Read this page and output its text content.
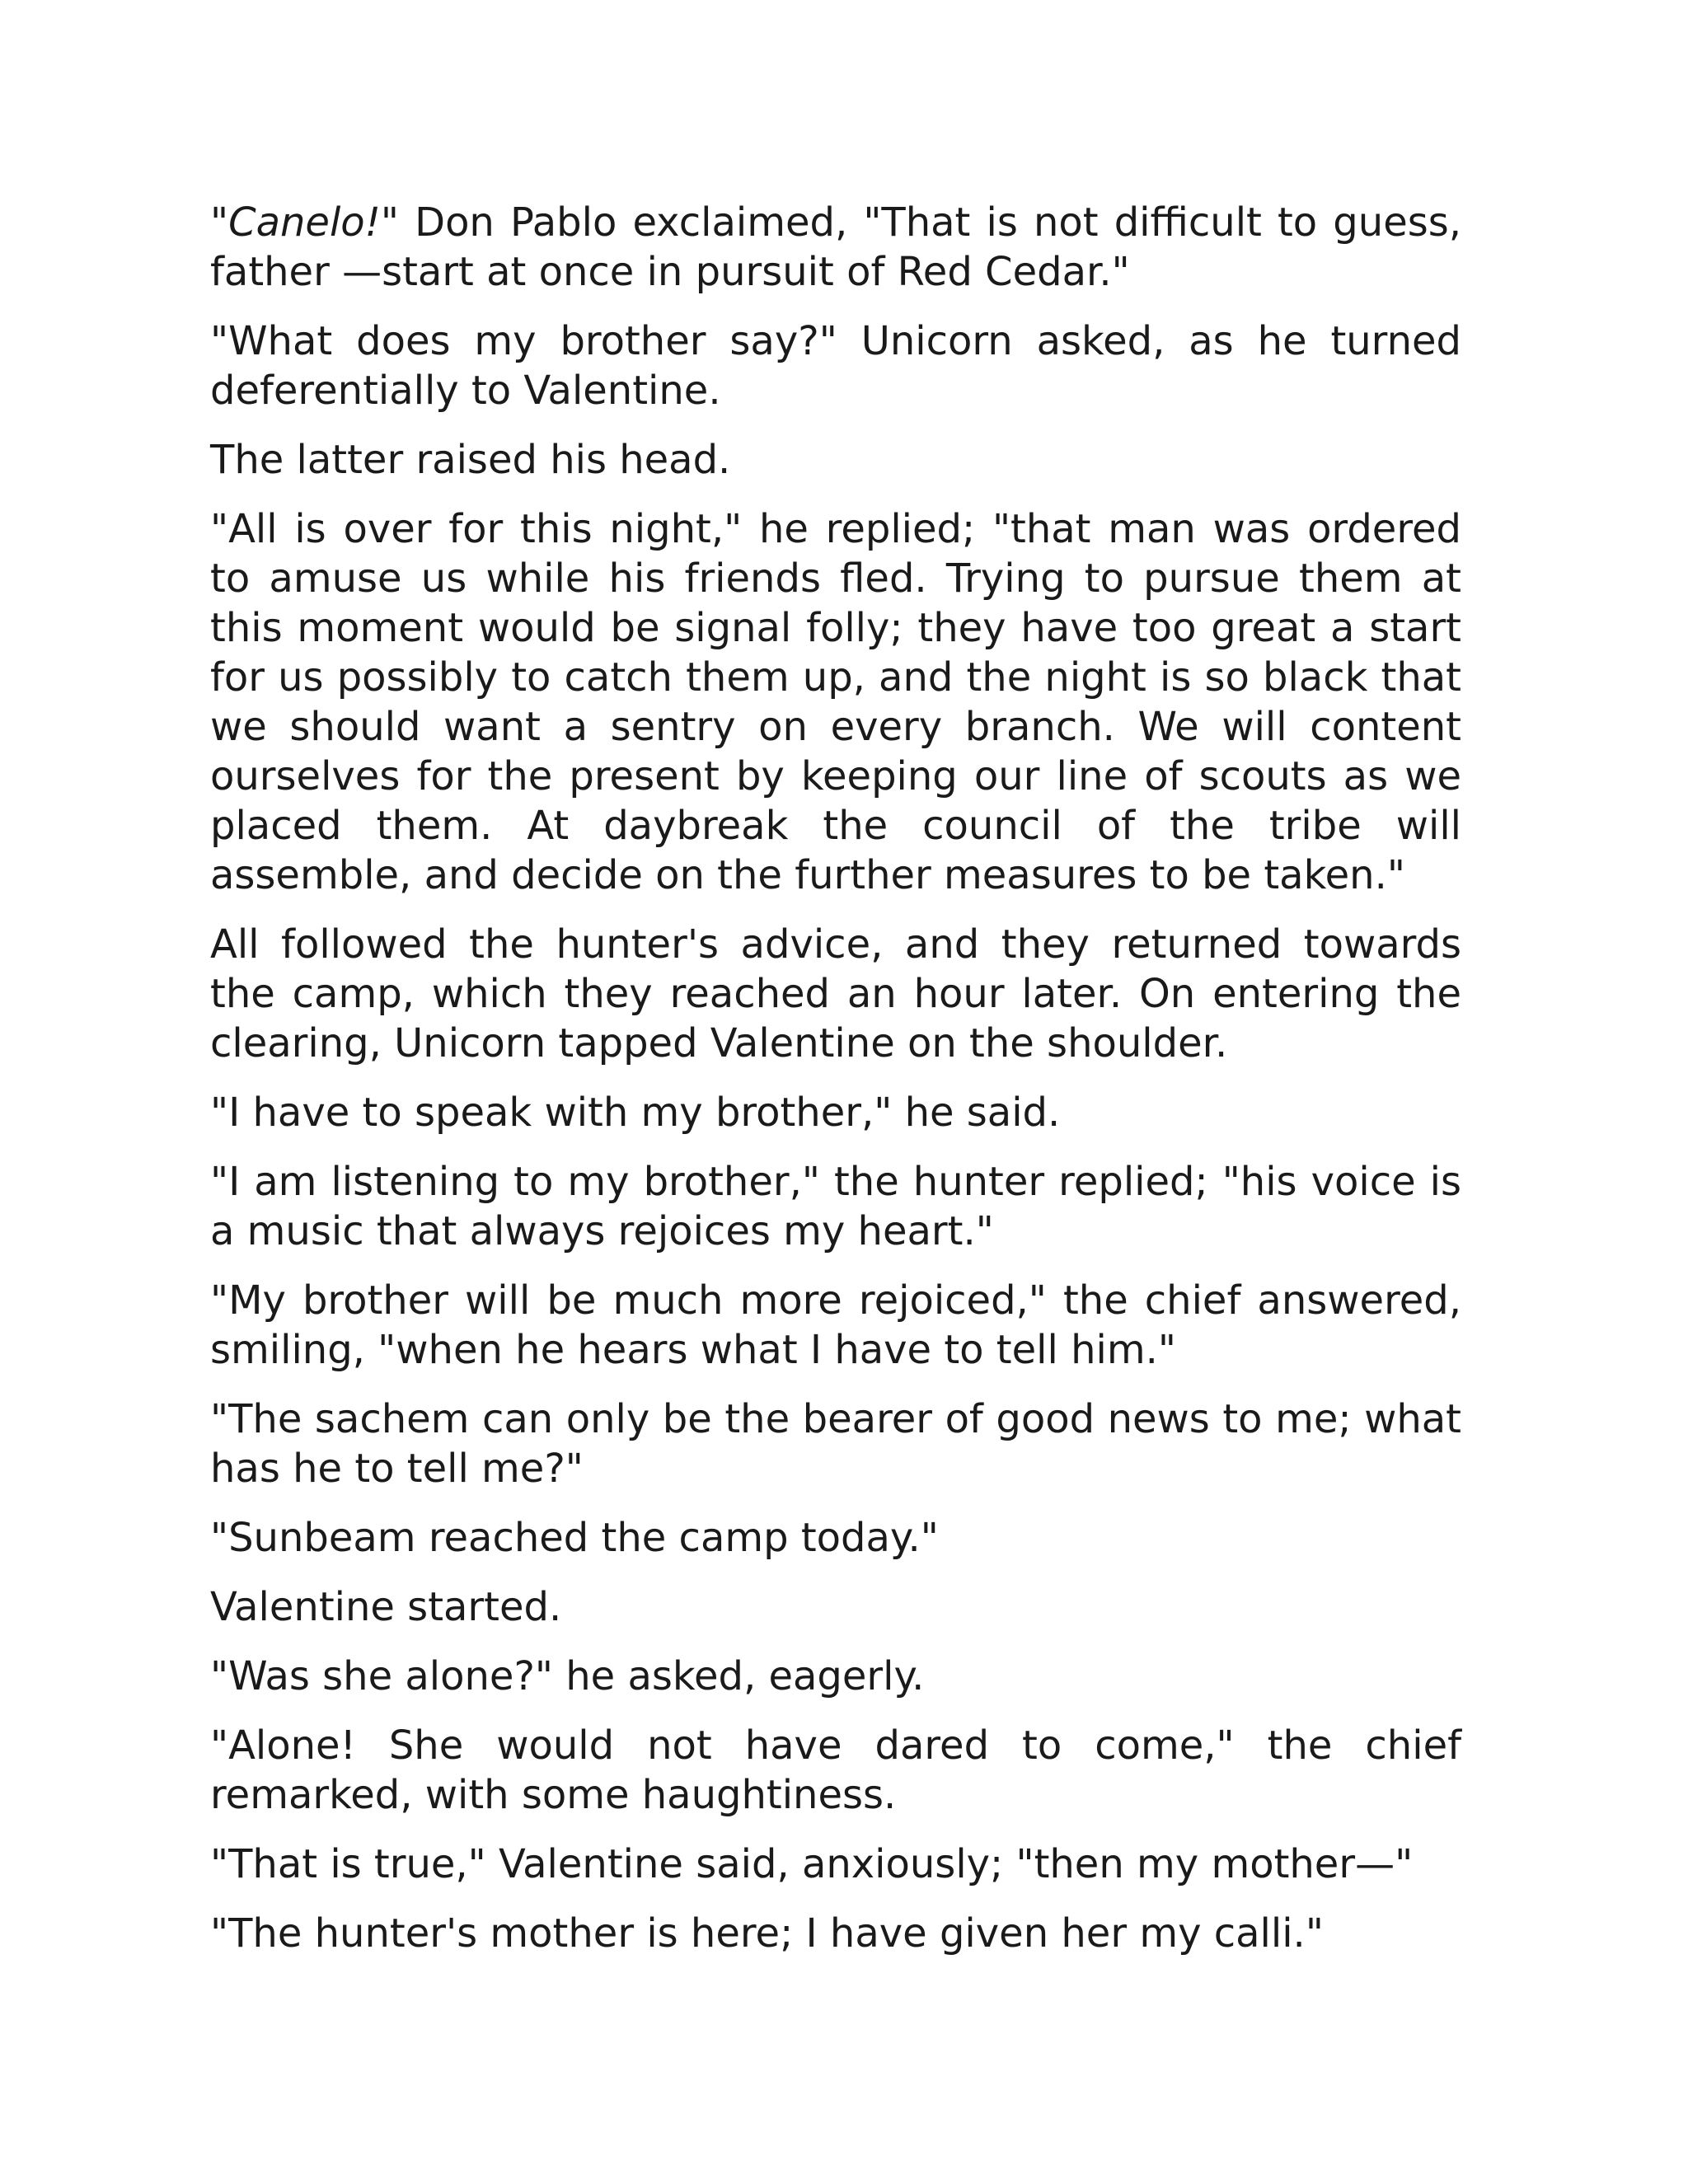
"Canelo!" Don Pablo exclaimed, "That is not difficult to guess, father —start at once in pursuit of Red Cedar."

"What does my brother say?" Unicorn asked, as he turned deferentially to Valentine.

The latter raised his head.

"All is over for this night," he replied; "that man was ordered to amuse us while his friends fled. Trying to pursue them at this moment would be signal folly; they have too great a start for us possibly to catch them up, and the night is so black that we should want a sentry on every branch. We will content ourselves for the present by keeping our line of scouts as we placed them. At daybreak the council of the tribe will assemble, and decide on the further measures to be taken."

All followed the hunter's advice, and they returned towards the camp, which they reached an hour later. On entering the clearing, Unicorn tapped Valentine on the shoulder.

"I have to speak with my brother," he said.

"I am listening to my brother," the hunter replied; "his voice is a music that always rejoices my heart."

"My brother will be much more rejoiced," the chief answered, smiling, "when he hears what I have to tell him."

"The sachem can only be the bearer of good news to me; what has he to tell me?"

"Sunbeam reached the camp today."

Valentine started.

"Was she alone?" he asked, eagerly.

"Alone! She would not have dared to come," the chief remarked, with some haughtiness.

"That is true," Valentine said, anxiously; "then my mother—"

"The hunter's mother is here; I have given her my calli."
